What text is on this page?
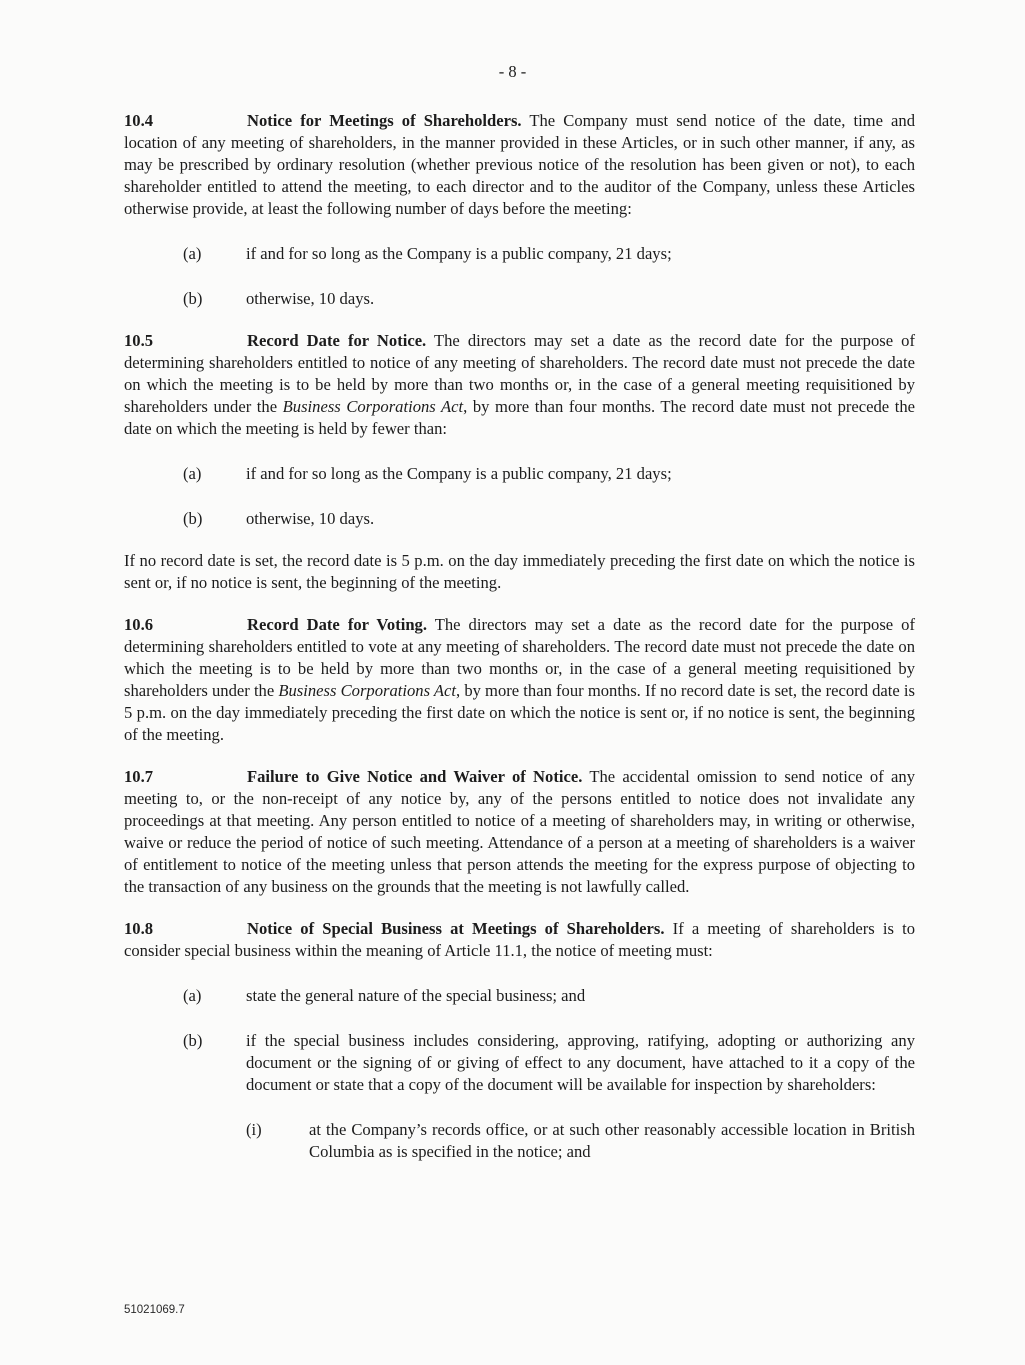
- 8 -

10.4	Notice for Meetings of Shareholders. The Company must send notice of the date, time and location of any meeting of shareholders, in the manner provided in these Articles, or in such other manner, if any, as may be prescribed by ordinary resolution (whether previous notice of the resolution has been given or not), to each shareholder entitled to attend the meeting, to each director and to the auditor of the Company, unless these Articles otherwise provide, at least the following number of days before the meeting:

(a)	if and for so long as the Company is a public company, 21 days;

(b)	otherwise, 10 days.

10.5	Record Date for Notice. The directors may set a date as the record date for the purpose of determining shareholders entitled to notice of any meeting of shareholders. The record date must not precede the date on which the meeting is to be held by more than two months or, in the case of a general meeting requisitioned by shareholders under the Business Corporations Act, by more than four months. The record date must not precede the date on which the meeting is held by fewer than:

(a)	if and for so long as the Company is a public company, 21 days;

(b)	otherwise, 10 days.

If no record date is set, the record date is 5 p.m. on the day immediately preceding the first date on which the notice is sent or, if no notice is sent, the beginning of the meeting.

10.6	Record Date for Voting. The directors may set a date as the record date for the purpose of determining shareholders entitled to vote at any meeting of shareholders. The record date must not precede the date on which the meeting is to be held by more than two months or, in the case of a general meeting requisitioned by shareholders under the Business Corporations Act, by more than four months. If no record date is set, the record date is 5 p.m. on the day immediately preceding the first date on which the notice is sent or, if no notice is sent, the beginning of the meeting.

10.7	Failure to Give Notice and Waiver of Notice. The accidental omission to send notice of any meeting to, or the non-receipt of any notice by, any of the persons entitled to notice does not invalidate any proceedings at that meeting. Any person entitled to notice of a meeting of shareholders may, in writing or otherwise, waive or reduce the period of notice of such meeting. Attendance of a person at a meeting of shareholders is a waiver of entitlement to notice of the meeting unless that person attends the meeting for the express purpose of objecting to the transaction of any business on the grounds that the meeting is not lawfully called.

10.8	Notice of Special Business at Meetings of Shareholders. If a meeting of shareholders is to consider special business within the meaning of Article 11.1, the notice of meeting must:

(a)	state the general nature of the special business; and

(b)	if the special business includes considering, approving, ratifying, adopting or authorizing any document or the signing of or giving of effect to any document, have attached to it a copy of the document or state that a copy of the document will be available for inspection by shareholders:

(i)	at the Company’s records office, or at such other reasonably accessible location in British Columbia as is specified in the notice; and

51021069.7
